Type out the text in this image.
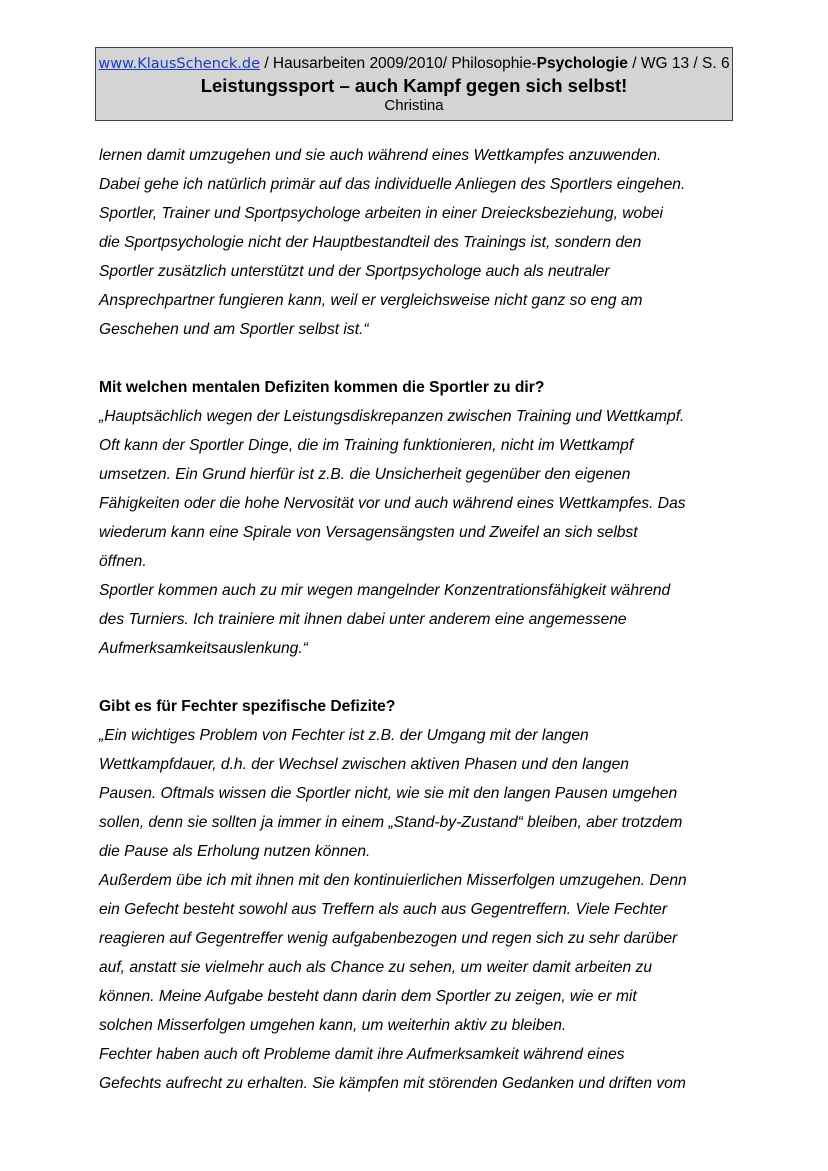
www.KlausSchenck.de / Hausarbeiten 2009/2010/ Philosophie-Psychologie / WG 13 / S. 6
Leistungssport – auch Kampf gegen sich selbst!
Christina
lernen damit umzugehen und sie auch während eines Wettkampfes anzuwenden.
Dabei gehe ich natürlich primär auf das individuelle Anliegen des Sportlers eingehen.
Sportler, Trainer und Sportpsychologe arbeiten in einer Dreiecksbeziehung, wobei
die Sportpsychologie nicht der Hauptbestandteil des Trainings ist, sondern den
Sportler zusätzlich unterstützt und der Sportpsychologe auch als neutraler
Ansprechpartner fungieren kann, weil er vergleichsweise nicht ganz so eng am
Geschehen und am Sportler selbst ist.“
Mit welchen mentalen Defiziten kommen die Sportler zu dir?
„Hauptsächlich wegen der Leistungsdiskrepanzen zwischen Training und Wettkampf.
Oft kann der Sportler Dinge, die im Training funktionieren, nicht im Wettkampf
umsetzen. Ein Grund hierfür ist z.B. die Unsicherheit gegenüber den eigenen
Fähigkeiten oder die hohe Nervosität vor und auch während eines Wettkampfes. Das
wiederum kann eine Spirale von Versagensängsten und Zweifel an sich selbst
öffnen.
Sportler kommen auch zu mir wegen mangelnder Konzentrationsfähigkeit während
des Turniers. Ich trainiere mit ihnen dabei unter anderem eine angemessene
Aufmerksamkeitsauslenkung.“
Gibt es für Fechter spezifische Defizite?
„Ein wichtiges Problem von Fechter ist z.B. der Umgang mit der langen
Wettkampfdauer, d.h. der Wechsel zwischen aktiven Phasen und den langen
Pausen. Oftmals wissen die Sportler nicht, wie sie mit den langen Pausen umgehen
sollen, denn sie sollten ja immer in einem „Stand-by-Zustand“ bleiben, aber trotzdem
die Pause als Erholung nutzen können.
Außerdem übe ich mit ihnen mit den kontinuierlichen Misserfolgen umzugehen. Denn
ein Gefecht besteht sowohl aus Treffern als auch aus Gegentreffern. Viele Fechter
reagieren auf Gegentreffer wenig aufgabenbezogen und regen sich zu sehr darüber
auf, anstatt sie vielmehr auch als Chance zu sehen, um weiter damit arbeiten zu
können. Meine Aufgabe besteht dann darin dem Sportler zu zeigen, wie er mit
solchen Misserfolgen umgehen kann, um weiterhin aktiv zu bleiben.
Fechter haben auch oft Probleme damit ihre Aufmerksamkeit während eines
Gefechts aufrecht zu erhalten. Sie kämpfen mit störenden Gedanken und driften vom
